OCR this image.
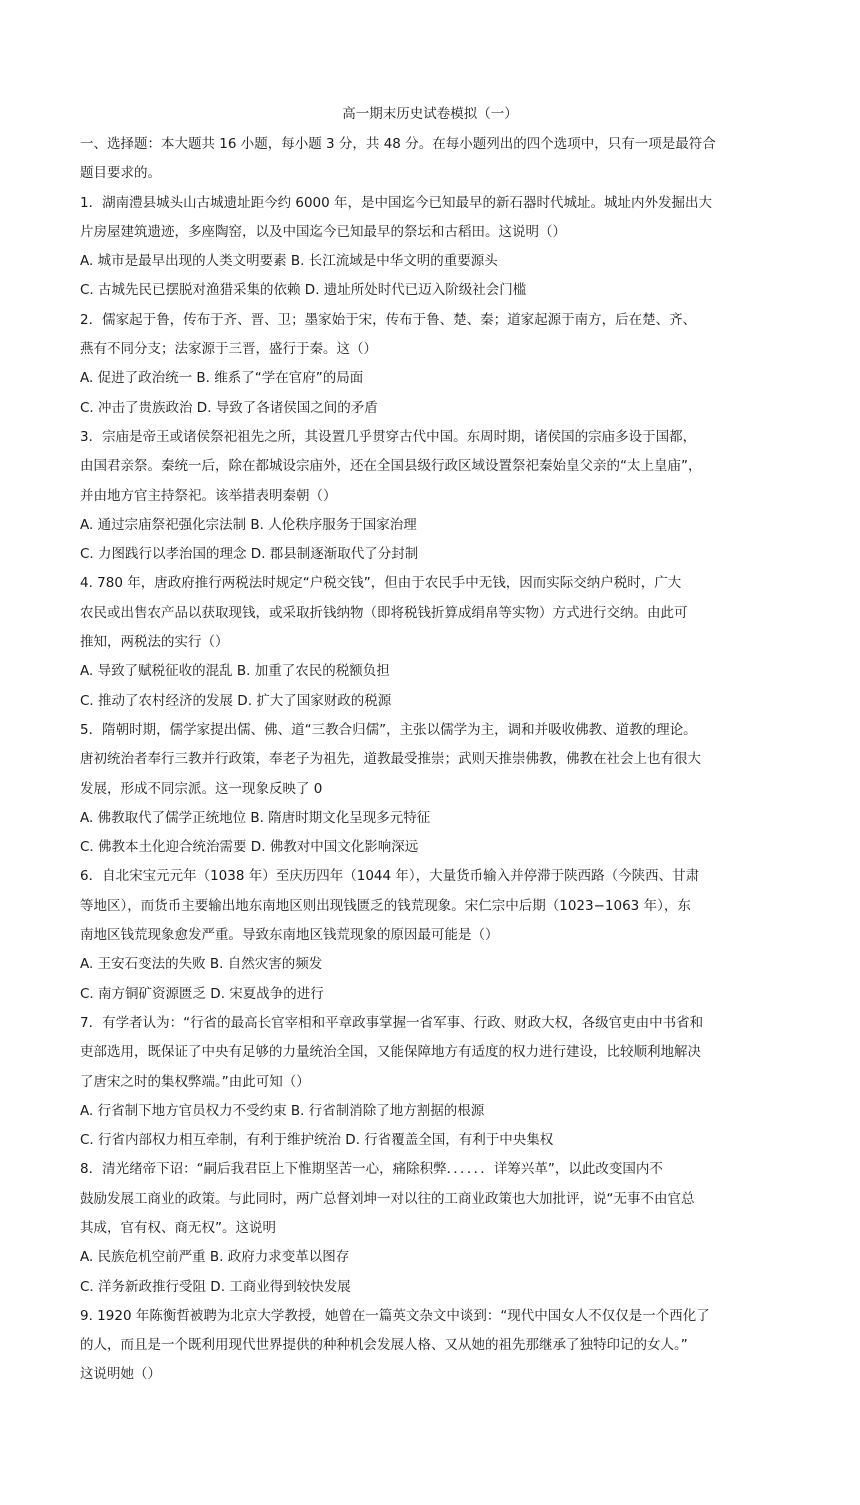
高一期末历史试卷模拟（一）
一、选择题：本大题共 16 小题，每小题 3 分，共 48 分。在每小题列出的四个选项中，只有一项是最符合
题目要求的。
1．湖南澧县城头山古城遗址距今约 6000 年，是中国迄今已知最早的新石器时代城址。城址内外发掘出大
片房屋建筑遗迹，多座陶窑，以及中国迄今已知最早的祭坛和古稻田。这说明（）
A. 城市是最早出现的人类文明要素 B. 长江流域是中华文明的重要源头
C. 古城先民已摆脱对渔猎采集的依赖 D. 遗址所处时代已迈入阶级社会门槛
2．儒家起于鲁，传布于齐、晋、卫；墨家始于宋，传布于鲁、楚、秦；道家起源于南方，后在楚、齐、
燕有不同分支；法家源于三晋，盛行于秦。这（）
A. 促进了政治统一 B. 维系了“学在官府”的局面
C. 冲击了贵族政治 D. 导致了各诸侯国之间的矛盾
3．宗庙是帝王或诸侯祭祀祖先之所，其设置几乎贯穿古代中国。东周时期，诸侯国的宗庙多设于国都，
由国君亲祭。秦统一后，除在都城设宗庙外，还在全国县级行政区域设置祭祀秦始皇父亲的“太上皇庙”，
并由地方官主持祭祀。该举措表明秦朝（）
A. 通过宗庙祭祀强化宗法制 B. 人伦秩序服务于国家治理
C. 力图践行以孝治国的理念 D. 郡县制逐渐取代了分封制
4. 780 年，唐政府推行两税法时规定“户税交钱”，但由于农民手中无钱，因而实际交纳户税时，广大
农民或出售农产品以获取现钱，或采取折钱纳物（即将税钱折算成绢帛等实物）方式进行交纳。由此可
推知，两税法的实行（）
A. 导致了赋税征收的混乱 B. 加重了农民的税额负担
C. 推动了农村经济的发展 D. 扩大了国家财政的税源
5．隋朝时期，儒学家提出儒、佛、道“三教合归儒”，主张以儒学为主，调和并吸收佛教、道教的理论。
唐初统治者奉行三教并行政策，奉老子为祖先，道教最受推崇；武则天推崇佛教，佛教在社会上也有很大
发展，形成不同宗派。这一现象反映了 0
A. 佛教取代了儒学正统地位 B. 隋唐时期文化呈现多元特征
C. 佛教本土化迎合统治需要 D. 佛教对中国文化影响深远
6．自北宋宝元元年（1038 年）至庆历四年（1044 年），大量货币输入并停滞于陕西路（今陕西、甘肃
等地区），而货币主要输出地东南地区则出现钱匮乏的钱荒现象。宋仁宗中后期（1023−1063 年），东
南地区钱荒现象愈发严重。导致东南地区钱荒现象的原因最可能是（）
A. 王安石变法的失败 B. 自然灾害的频发
C. 南方铜矿资源匮乏 D. 宋夏战争的进行
7．有学者认为：“行省的最高长官宰相和平章政事掌握一省军事、行政、财政大权，各级官吏由中书省和
吏部选用，既保证了中央有足够的力量统治全国，又能保障地方有适度的权力进行建设，比较顺利地解决
了唐宋之时的集权弊端。”由此可知（）
A. 行省制下地方官员权力不受约束 B. 行省制消除了地方割据的根源
C. 行省内部权力相互牵制，有利于维护统治 D. 行省覆盖全国，有利于中央集权
8．清光绪帝下诏：“嗣后我君臣上下惟期坚苦一心，痛除积弊．．．．．．详筹兴革”，以此改变国内不
鼓励发展工商业的政策。与此同时，两广总督刘坤一对以往的工商业政策也大加批评，说“无事不由官总
其成，官有权、商无权”。这说明
A. 民族危机空前严重 B. 政府力求变革以图存
C. 洋务新政推行受阻 D. 工商业得到较快发展
9. 1920 年陈衡哲被聘为北京大学教授，她曾在一篇英文杂文中谈到：“现代中国女人不仅仅是一个西化了
的人，而且是一个既利用现代世界提供的种种机会发展人格、又从她的祖先那继承了独特印记的女人。”
这说明她（）
